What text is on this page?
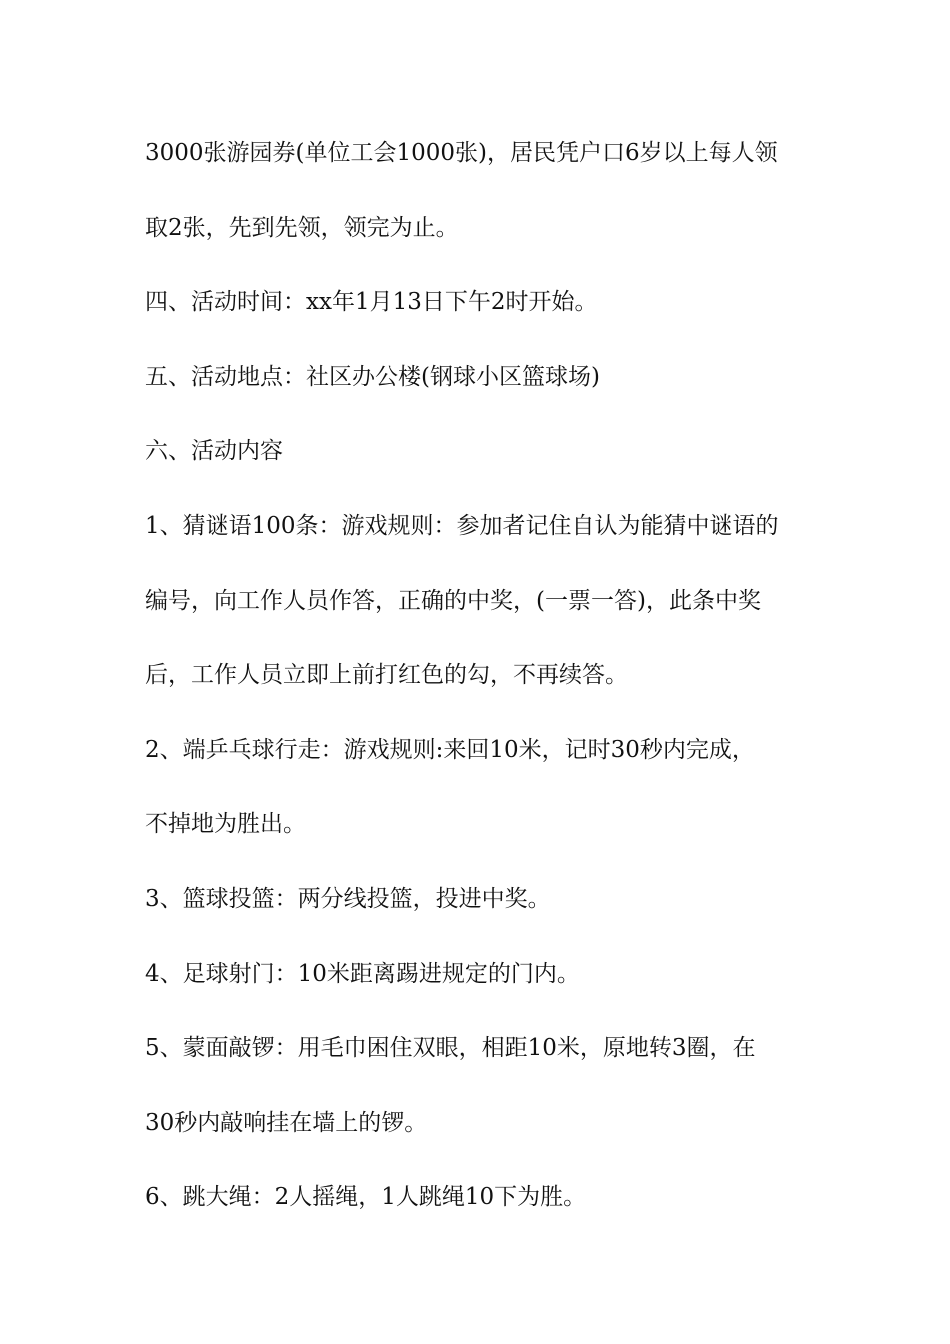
3000张游园券(单位工会1000张)，居民凭户口6岁以上每人领
取2张，先到先领，领完为止。
四、活动时间：xx年1月13日下午2时开始。
五、活动地点：社区办公楼(钢球小区篮球场)
六、活动内容
1、猜谜语100条：游戏规则：参加者记住自认为能猜中谜语的
编号，向工作人员作答，正确的中奖，(一票一答)，此条中奖
后，工作人员立即上前打红色的勾，不再续答。
2、端乒乓球行走：游戏规则:来回10米，记时30秒内完成，
不掉地为胜出。
3、篮球投篮：两分线投篮，投进中奖。
4、足球射门：10米距离踢进规定的门内。
5、蒙面敲锣：用毛巾困住双眼，相距10米，原地转3圈，在
30秒内敲响挂在墙上的锣。
6、跳大绳：2人摇绳，1人跳绳10下为胜。
